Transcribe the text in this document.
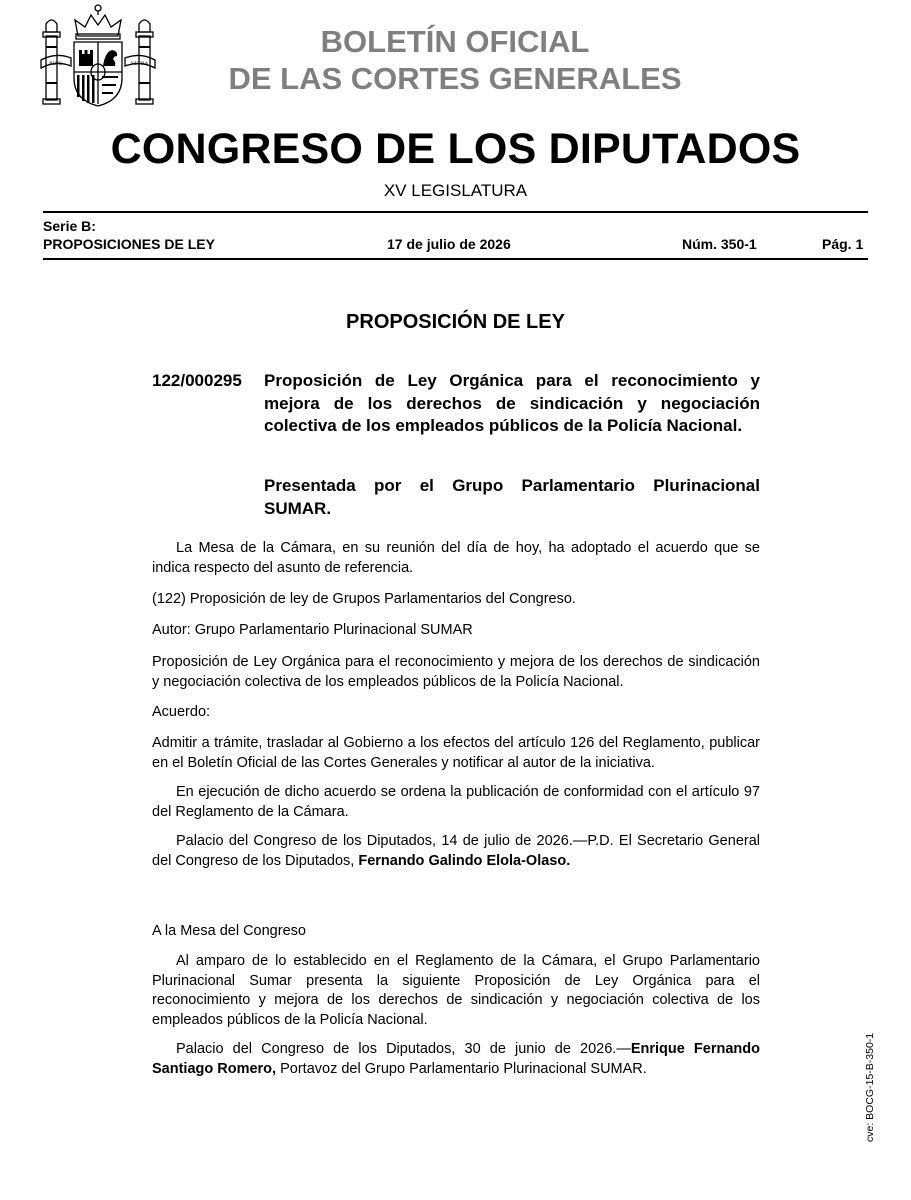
PLVS	VLTRA
BOLETÍN OFICIAL
DE LAS CORTES GENERALES
CONGRESO DE LOS DIPUTADOS
XV LEGISLATURA
Serie B:
PROPOSICIONES DE LEY	17 de julio de 2026	Núm. 350-1	Pág. 1
PROPOSICIÓN DE LEY
122/000295 Proposición de Ley Orgánica para el reconocimiento y mejora de los derechos de sindicación y negociación colectiva de los empleados públicos de la Policía Nacional.
Presentada por el Grupo Parlamentario Plurinacional SUMAR.

La Mesa de la Cámara, en su reunión del día de hoy, ha adoptado el acuerdo que se indica respecto del asunto de referencia.

(122) Proposición de ley de Grupos Parlamentarios del Congreso.

Autor: Grupo Parlamentario Plurinacional SUMAR

Proposición de Ley Orgánica para el reconocimiento y mejora de los derechos de sindicación y negociación colectiva de los empleados públicos de la Policía Nacional.

Acuerdo:

Admitir a trámite, trasladar al Gobierno a los efectos del artículo 126 del Reglamento, publicar en el Boletín Oficial de las Cortes Generales y notificar al autor de la iniciativa.

En ejecución de dicho acuerdo se ordena la publicación de conformidad con el artículo 97 del Reglamento de la Cámara.

Palacio del Congreso de los Diputados, 14 de julio de 2026.—P.D. El Secretario General del Congreso de los Diputados, Fernando Galindo Elola-Olaso.

A la Mesa del Congreso

Al amparo de lo establecido en el Reglamento de la Cámara, el Grupo Parlamentario Plurinacional Sumar presenta la siguiente Proposición de Ley Orgánica para el reconocimiento y mejora de los derechos de sindicación y negociación colectiva de los empleados públicos de la Policía Nacional.

Palacio del Congreso de los Diputados, 30 de junio de 2026.—Enrique Fernando Santiago Romero, Portavoz del Grupo Parlamentario Plurinacional SUMAR.	cve: BOCG-15-B-350-1
